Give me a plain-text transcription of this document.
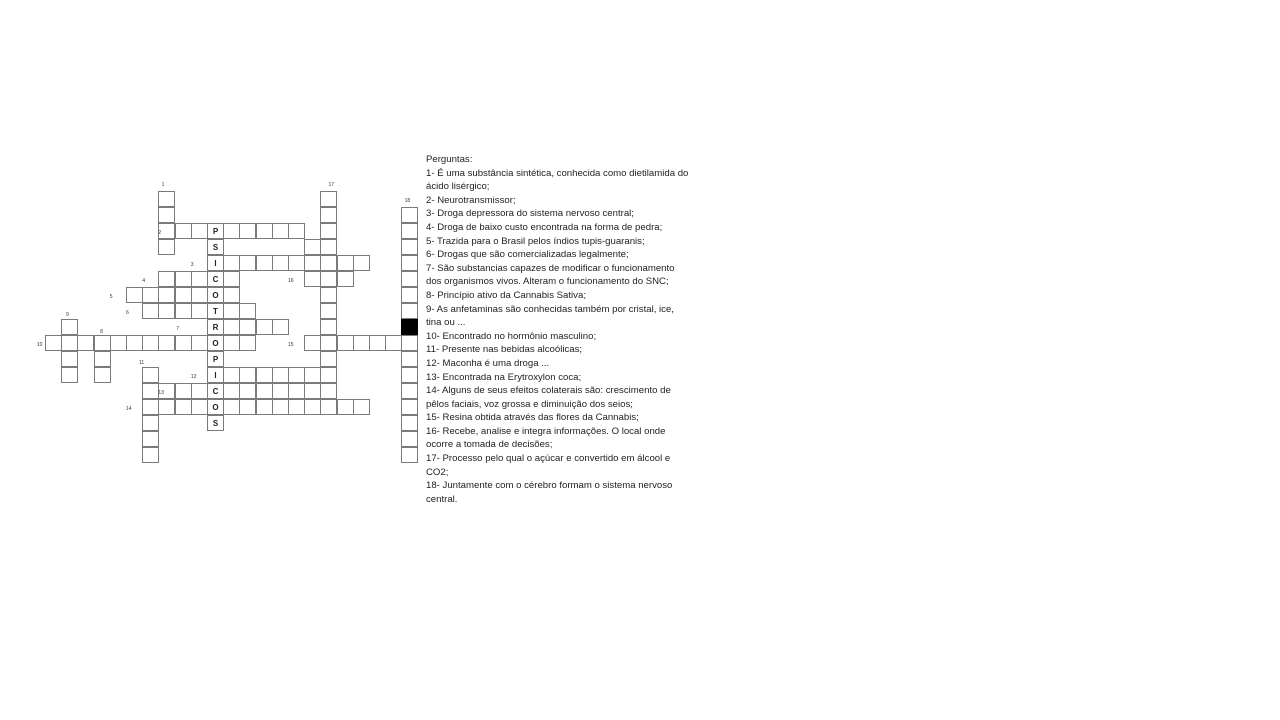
P
S
I
C
O
T
R
O
P
I
C
O
S
1
2
3
4
5
6
7
8
9
10
11
12
13
14
15
16
17
18
Perguntas:
1- É uma substância sintética, conhecida como dietilamida do
ácido lisérgico;
2- Neurotransmissor;
3- Droga depressora do sistema nervoso central;
4- Droga de baixo custo encontrada na forma de pedra;
5- Trazida para o Brasil pelos índios tupis-guaranis;
6- Drogas que são comercializadas legalmente;
7- São substancias capazes de modificar o funcionamento
dos organismos vivos. Alteram o funcionamento do SNC;
8- Princípio ativo da Cannabis Sativa;
9- As anfetaminas são conhecidas também por cristal, ice,
tina ou ...
10- Encontrado no hormônio masculino;
11- Presente nas bebidas alcoólicas;
12- Maconha é uma droga ...
13- Encontrada na Erytroxylon coca;
14- Alguns de seus efeitos colaterais são: crescimento de
pêlos faciais, voz grossa e diminuição dos seios;
15- Resina obtida através das flores da Cannabis;
16- Recebe, analise e integra informações. O local onde
ocorre a tomada de decisões;
17- Processo pelo qual o açúcar e convertido em álcool e
CO2;
18- Juntamente com o cérebro formam o sistema nervoso
central.
